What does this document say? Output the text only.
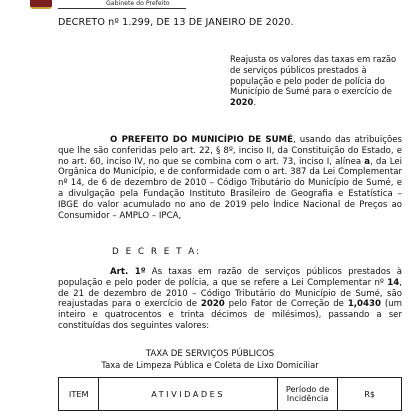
Gabinete do Prefeito
DECRETO nº 1.299, DE 13 DE JANEIRO DE 2020.
Reajusta os valores das taxas em razão de serviços públicos prestados à população e pelo poder de polícia do Município de Sumé para o exercício de 2020.
O PREFEITO DO MUNICÍPIO DE SUMÉ, usando das atribuições que lhe são conferidas pelo art. 22, § 8º, inciso II, da Constituição do Estado, e no art. 60, inciso IV, no que se combina com o art. 73, inciso I, alínea a, da Lei Orgânica do Município, e de conformidade com o art. 387 da Lei Complementar nº 14, de 6 de dezembro de 2010 – Código Tributário do Município de Sumé, e a divulgação pela Fundação Instituto Brasileiro de Geografia e Estatística – IBGE do valor acumulado no ano de 2019 pelo Índice Nacional de Preços ao Consumidor – AMPLO – IPCA,
D E C R E T A:
Art. 1º As taxas em razão de serviços públicos prestados à população e pelo poder de polícia, a que se refere a Lei Complementar nº 14, de 21 de dezembro de 2010 – Código Tributário do Município de Sumé, são reajustadas para o exercício de 2020 pelo Fator de Correção de 1,0430 (um inteiro e quatrocentos e trinta décimos de milésimos), passando a ser constituídas dos seguintes valores:
TAXA DE SERVIÇOS PÚBLICOS
Taxa de Limpeza Pública e Coleta de Lixo Domiciliar
ITEM	ATIVIDADES	Período de Incidência	R$
